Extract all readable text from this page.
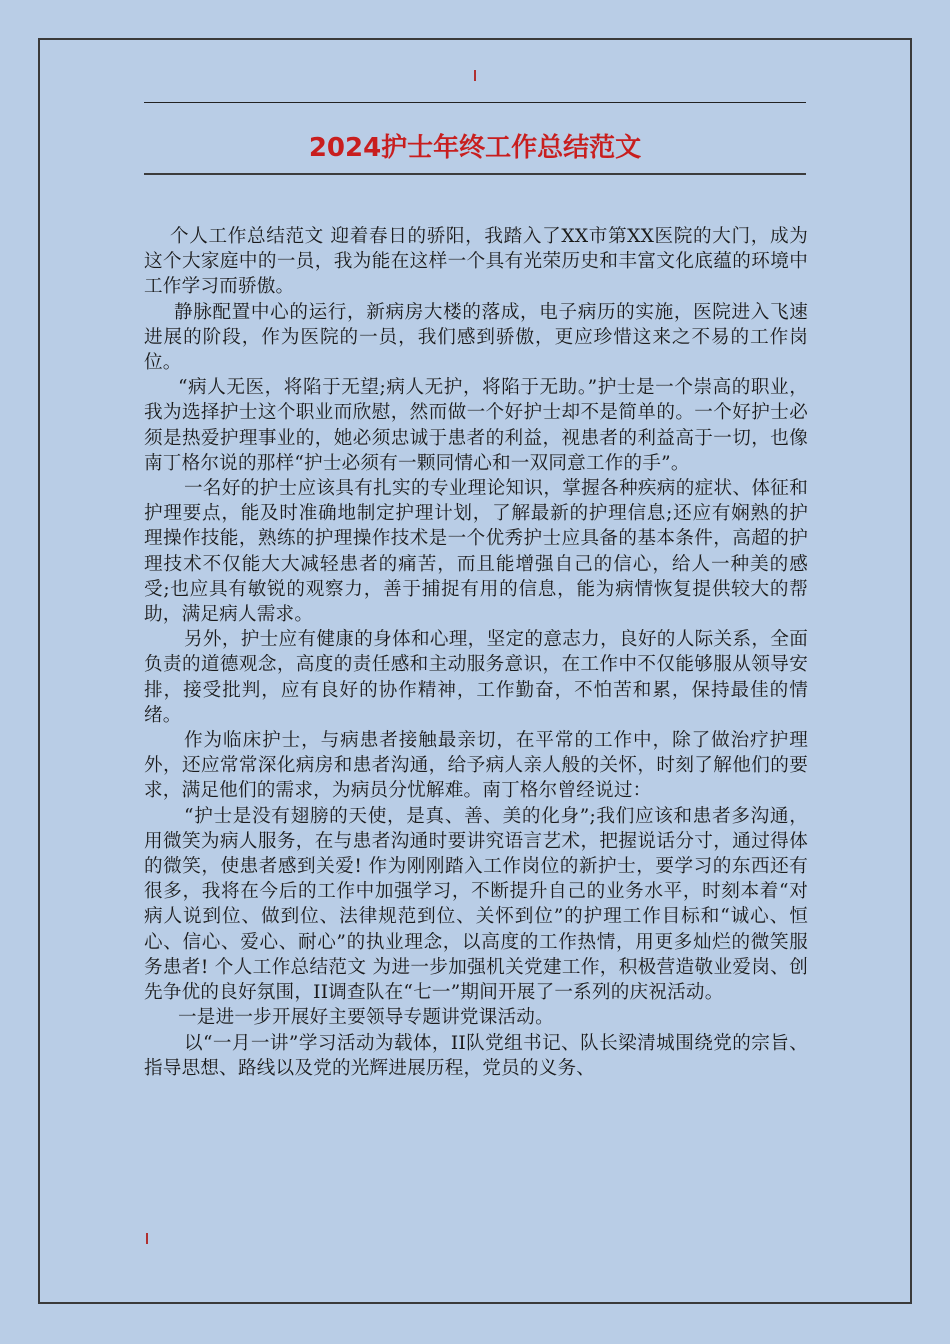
2024护士年终工作总结范文

个人工作总结范文 迎着春日的骄阳，我踏入了XX市第XX医院的大门，成为这个大家庭中的一员，我为能在这样一个具有光荣历史和丰富文化底蕴的环境中工作学习而骄傲。

静脉配置中心的运行，新病房大楼的落成，电子病历的实施，医院进入飞速进展的阶段，作为医院的一员，我们感到骄傲，更应珍惜这来之不易的工作岗位。

“病人无医，将陷于无望;病人无护，将陷于无助。”护士是一个崇高的职业，我为选择护士这个职业而欣慰，然而做一个好护士却不是简单的。一个好护士必须是热爱护理事业的，她必须忠诚于患者的利益，视患者的利益高于一切，也像南丁格尔说的那样“护士必须有一颗同情心和一双同意工作的手”。

一名好的护士应该具有扎实的专业理论知识，掌握各种疾病的症状、体征和护理要点，能及时准确地制定护理计划，了解最新的护理信息;还应有娴熟的护理操作技能，熟练的护理操作技术是一个优秀护士应具备的基本条件，高超的护理技术不仅能大大减轻患者的痛苦，而且能增强自己的信心，给人一种美的感受;也应具有敏锐的观察力，善于捕捉有用的信息，能为病情恢复提供较大的帮助，满足病人需求。

另外，护士应有健康的身体和心理，坚定的意志力，良好的人际关系，全面负责的道德观念，高度的责任感和主动服务意识，在工作中不仅能够服从领导安排，接受批判，应有良好的协作精神，工作勤奋，不怕苦和累，保持最佳的情绪。

作为临床护士，与病患者接触最亲切，在平常的工作中，除了做治疗护理外，还应常常深化病房和患者沟通，给予病人亲人般的关怀，时刻了解他们的要求，满足他们的需求，为病员分忧解难。南丁格尔曾经说过：

“护士是没有翅膀的天使，是真、善、美的化身”;我们应该和患者多沟通，用微笑为病人服务，在与患者沟通时要讲究语言艺术，把握说话分寸，通过得体的微笑，使患者感到关爱! 作为刚刚踏入工作岗位的新护士，要学习的东西还有很多，我将在今后的工作中加强学习，不断提升自己的业务水平，时刻本着“对病人说到位、做到位、法律规范到位、关怀到位”的护理工作目标和“诚心、恒心、信心、爱心、耐心”的执业理念，以高度的工作热情，用更多灿烂的微笑服务患者! 个人工作总结范文 为进一步加强机关党建工作，积极营造敬业爱岗、创先争优的良好氛围，II调查队在“七一”期间开展了一系列的庆祝活动。

一是进一步开展好主要领导专题讲党课活动。

以“一月一讲”学习活动为载体，II队党组书记、队长梁清城围绕党的宗旨、指导思想、路线以及党的光辉进展历程，党员的义务、
